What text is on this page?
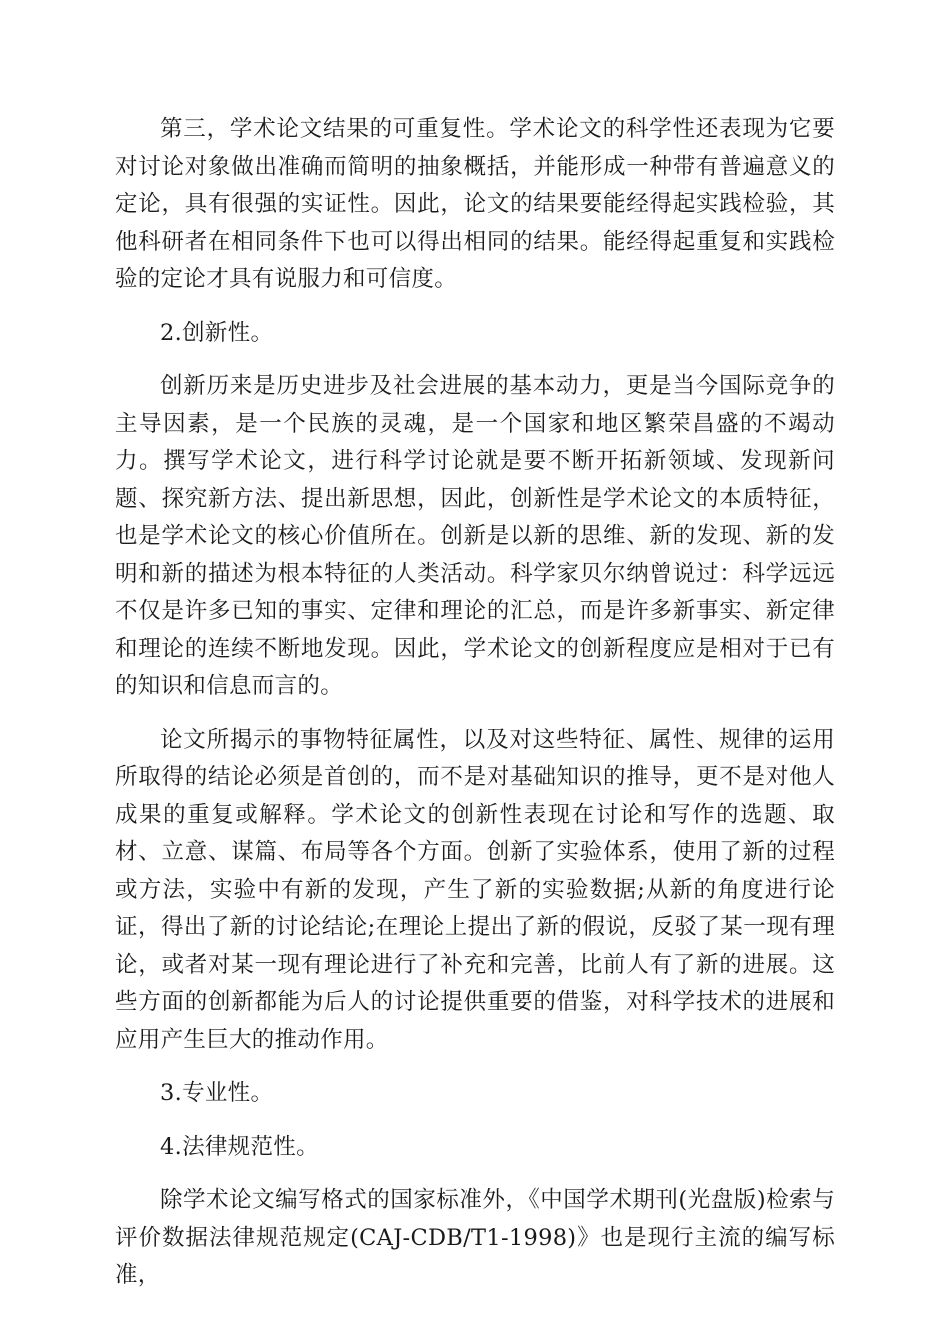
第三，学术论文结果的可重复性。学术论文的科学性还表现为它要对讨论对象做出准确而简明的抽象概括，并能形成一种带有普遍意义的定论，具有很强的实证性。因此，论文的结果要能经得起实践检验，其他科研者在相同条件下也可以得出相同的结果。能经得起重复和实践检验的定论才具有说服力和可信度。

2.创新性。

创新历来是历史进步及社会进展的基本动力，更是当今国际竞争的主导因素，是一个民族的灵魂，是一个国家和地区繁荣昌盛的不竭动力。撰写学术论文，进行科学讨论就是要不断开拓新领域、发现新问题、探究新方法、提出新思想，因此，创新性是学术论文的本质特征，也是学术论文的核心价值所在。创新是以新的思维、新的发现、新的发明和新的描述为根本特征的人类活动。科学家贝尔纳曾说过：科学远远不仅是许多已知的事实、定律和理论的汇总，而是许多新事实、新定律和理论的连续不断地发现。因此，学术论文的创新程度应是相对于已有的知识和信息而言的。

论文所揭示的事物特征属性，以及对这些特征、属性、规律的运用所取得的结论必须是首创的，而不是对基础知识的推导，更不是对他人成果的重复或解释。学术论文的创新性表现在讨论和写作的选题、取材、立意、谋篇、布局等各个方面。创新了实验体系，使用了新的过程或方法，实验中有新的发现，产生了新的实验数据;从新的角度进行论证，得出了新的讨论结论;在理论上提出了新的假说，反驳了某一现有理论，或者对某一现有理论进行了补充和完善，比前人有了新的进展。这些方面的创新都能为后人的讨论提供重要的借鉴，对科学技术的进展和应用产生巨大的推动作用。

3.专业性。

4.法律规范性。

除学术论文编写格式的国家标准外，《中国学术期刊(光盘版)检索与评价数据法律规范规定(CAJ-CDB/T1-1998)》也是现行主流的编写标准，
